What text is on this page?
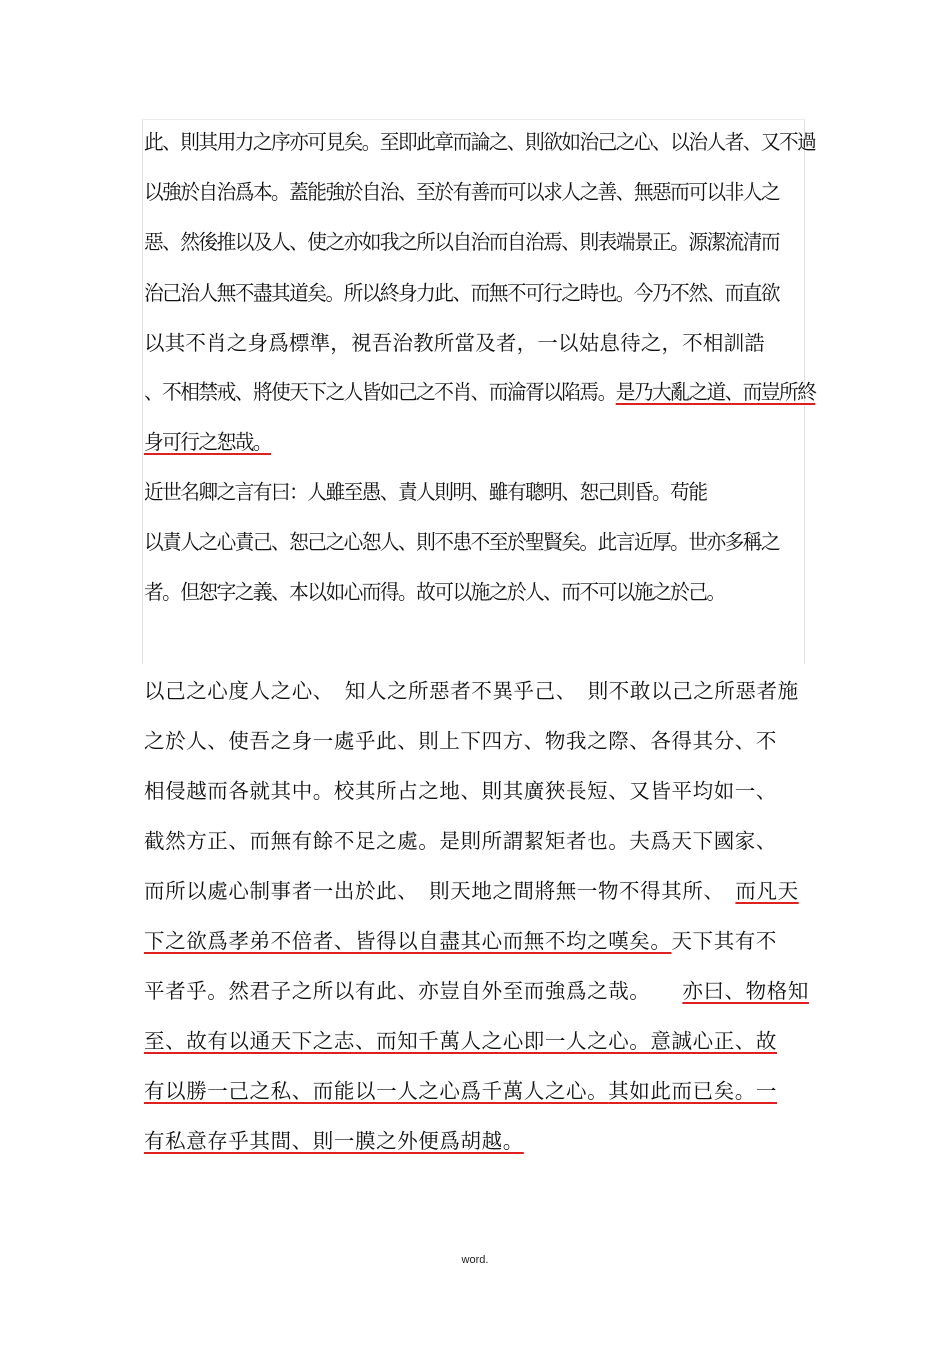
此、則其用力之序亦可見矣。至即此章而論之、則欲如治己之心、以治人者、又不過
以強於自治爲本。蓋能強於自治、至於有善而可以求人之善、無惡而可以非人之
惡、然後推以及人、使之亦如我之所以自治而自治焉、則表端景正。源潔流清而
治己治人無不盡其道矣。所以終身力此、而無不可行之時也。今乃不然、而直欲
以其不肖之身爲標準，視吾治教所當及者，一以姑息待之，不相訓誥
、不相禁戒、將使天下之人皆如己之不肖、而淪胥以陷焉。是乃大亂之道、而豈所終
身可行之恕哉。
近世名卿之言有曰：人雖至愚、責人則明、雖有聰明、恕己則昏。苟能
以責人之心責己、恕己之心恕人、則不患不至於聖賢矣。此言近厚。世亦多稱之
者。但恕字之義、本以如心而得。故可以施之於人、而不可以施之於己。
以己之心度人之心、　知人之所惡者不異乎己、　則不敢以己之所惡者施
之於人、使吾之身一處乎此、則上下四方、物我之際、各得其分、不
相侵越而各就其中。校其所占之地、則其廣狹長短、又皆平均如一、
截然方正、而無有餘不足之處。是則所謂絜矩者也。夫爲天下國家、
而所以處心制事者一出於此、　則天地之間將無一物不得其所、　而凡天
下之欲爲孝弟不倍者、皆得以自盡其心而無不均之嘆矣。天下其有不
平者乎。然君子之所以有此、亦豈自外至而強爲之哉。　　亦曰、物格知
至、故有以通天下之志、而知千萬人之心即一人之心。意誠心正、故
有以勝一己之私、而能以一人之心爲千萬人之心。其如此而已矣。一
有私意存乎其間、則一膜之外便爲胡越。
word.
